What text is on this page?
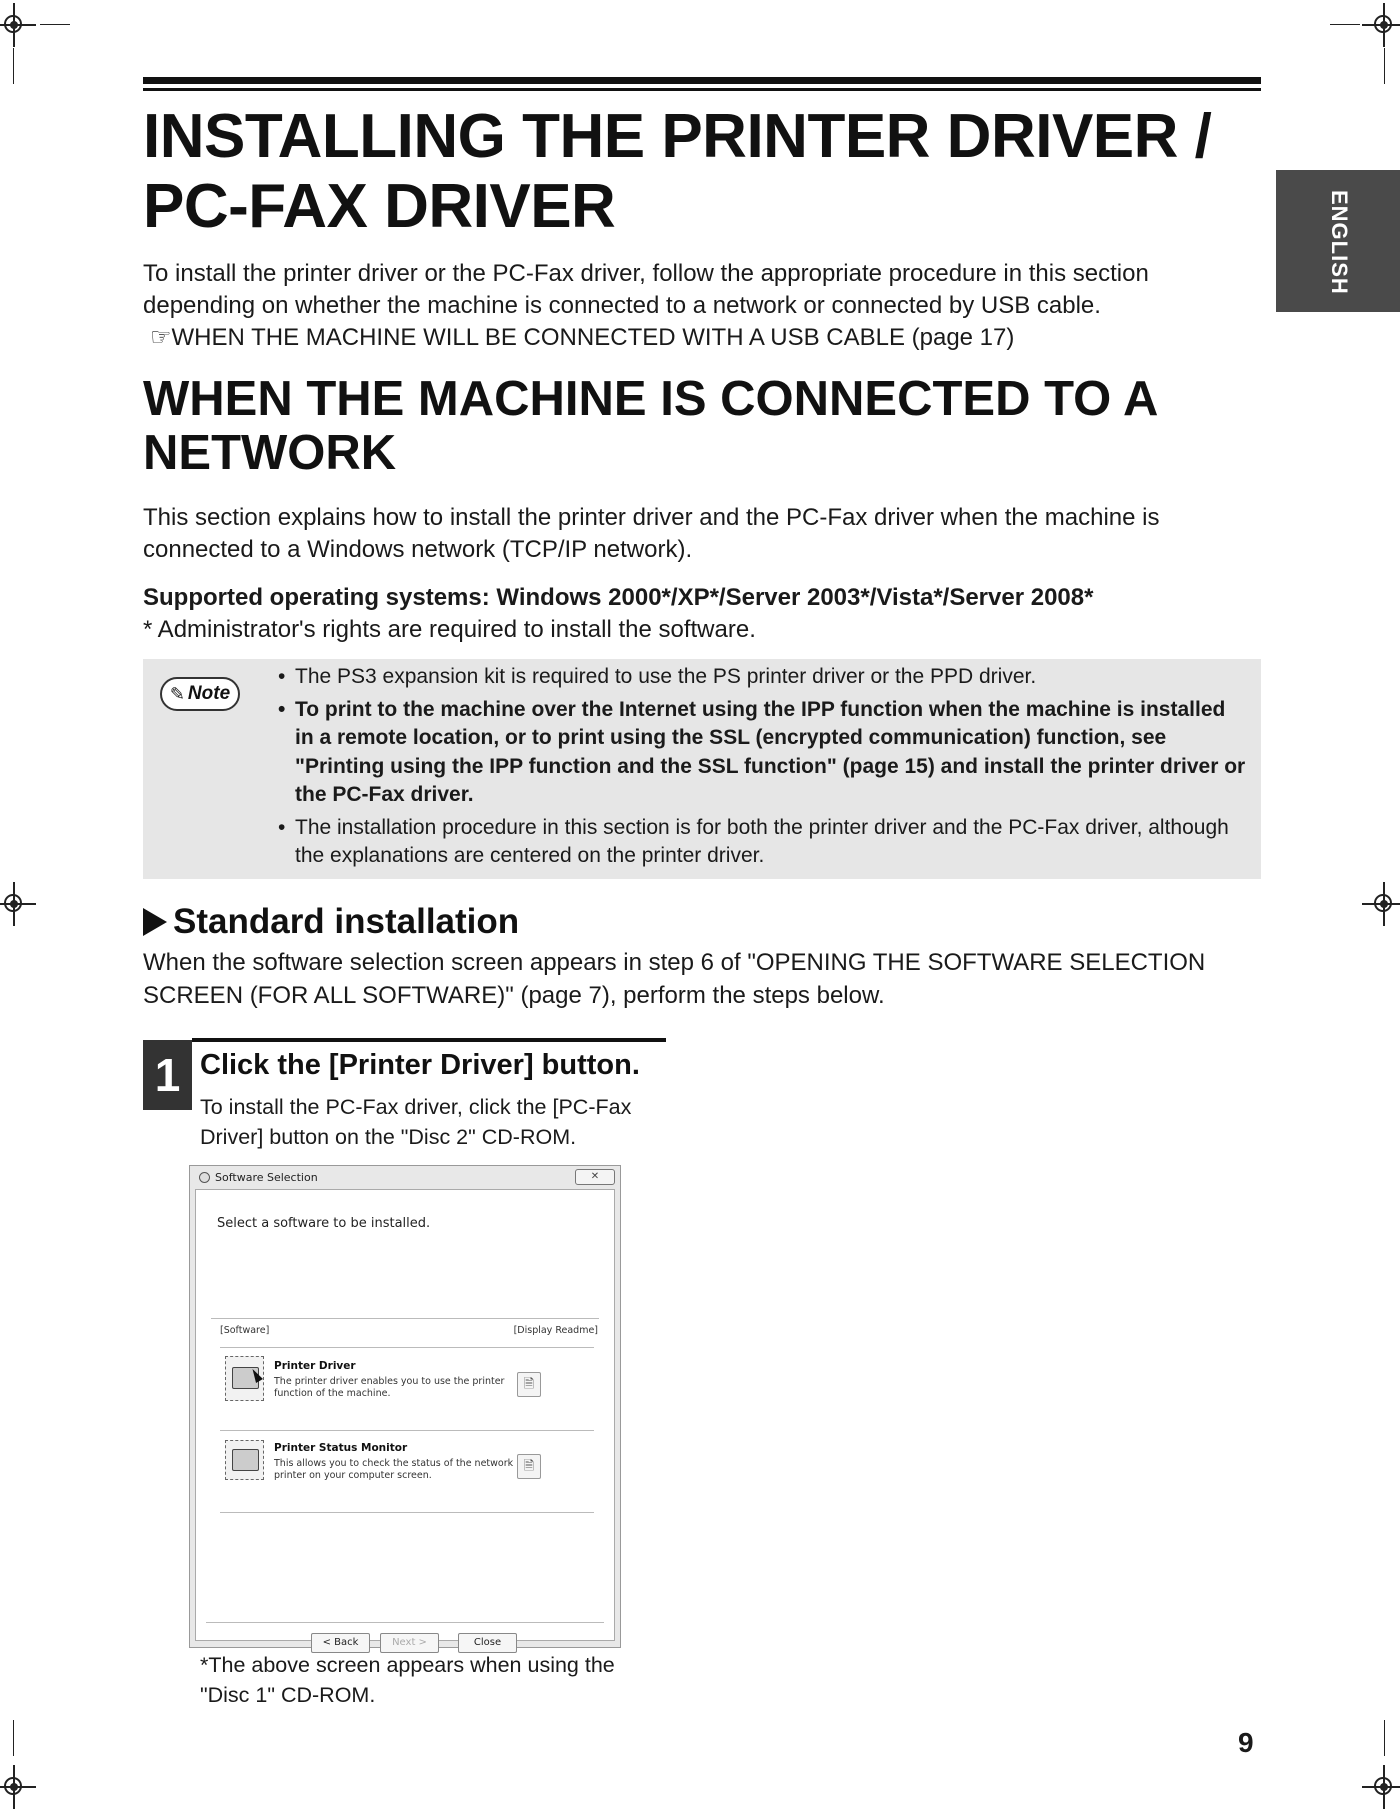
ENGLISH
INSTALLING THE PRINTER DRIVER / PC-FAX DRIVER

To install the printer driver or the PC-Fax driver, follow the appropriate procedure in this section

depending on whether the machine is connected to a network or connected by USB cable.

☞WHEN THE MACHINE WILL BE CONNECTED WITH A USB CABLE (page 17)

WHEN THE MACHINE IS CONNECTED TO A NETWORK

This section explains how to install the printer driver and the PC-Fax driver when the machine is

connected to a Windows network (TCP/IP network).

Supported operating systems: Windows 2000*/XP*/Server 2003*/Vista*/Server 2008*

* Administrator's rights are required to install the software.

✎ Note
• The PS3 expansion kit is required to use the PS printer driver or the PPD driver.
• To print to the machine over the Internet using the IPP function when the machine is installed in a remote location, or to print using the SSL (encrypted communication) function, see "Printing using the IPP function and the SSL function" (page 15) and install the printer driver or the PC-Fax driver.
• The installation procedure in this section is for both the printer driver and the PC-Fax driver, although the explanations are centered on the printer driver.
Standard installation

When the software selection screen appears in step 6 of "OPENING THE SOFTWARE SELECTION

SCREEN (FOR ALL SOFTWARE)" (page 7), perform the steps below.

1 Click the [Printer Driver] button.

To install the PC-Fax driver, click the [PC-Fax Driver] button on the "Disc 2" CD-ROM.

Software Selection	✕
Select a software to be installed.
[Software]	[Display Readme]
Printer Driver
The printer driver enables you to use the printer function of the machine.
🗎
Printer Status Monitor
This allows you to check the status of the network printer on your computer screen.
🗎
< Back	Next >	Close

*The above screen appears when using the "Disc 1" CD-ROM.

9
